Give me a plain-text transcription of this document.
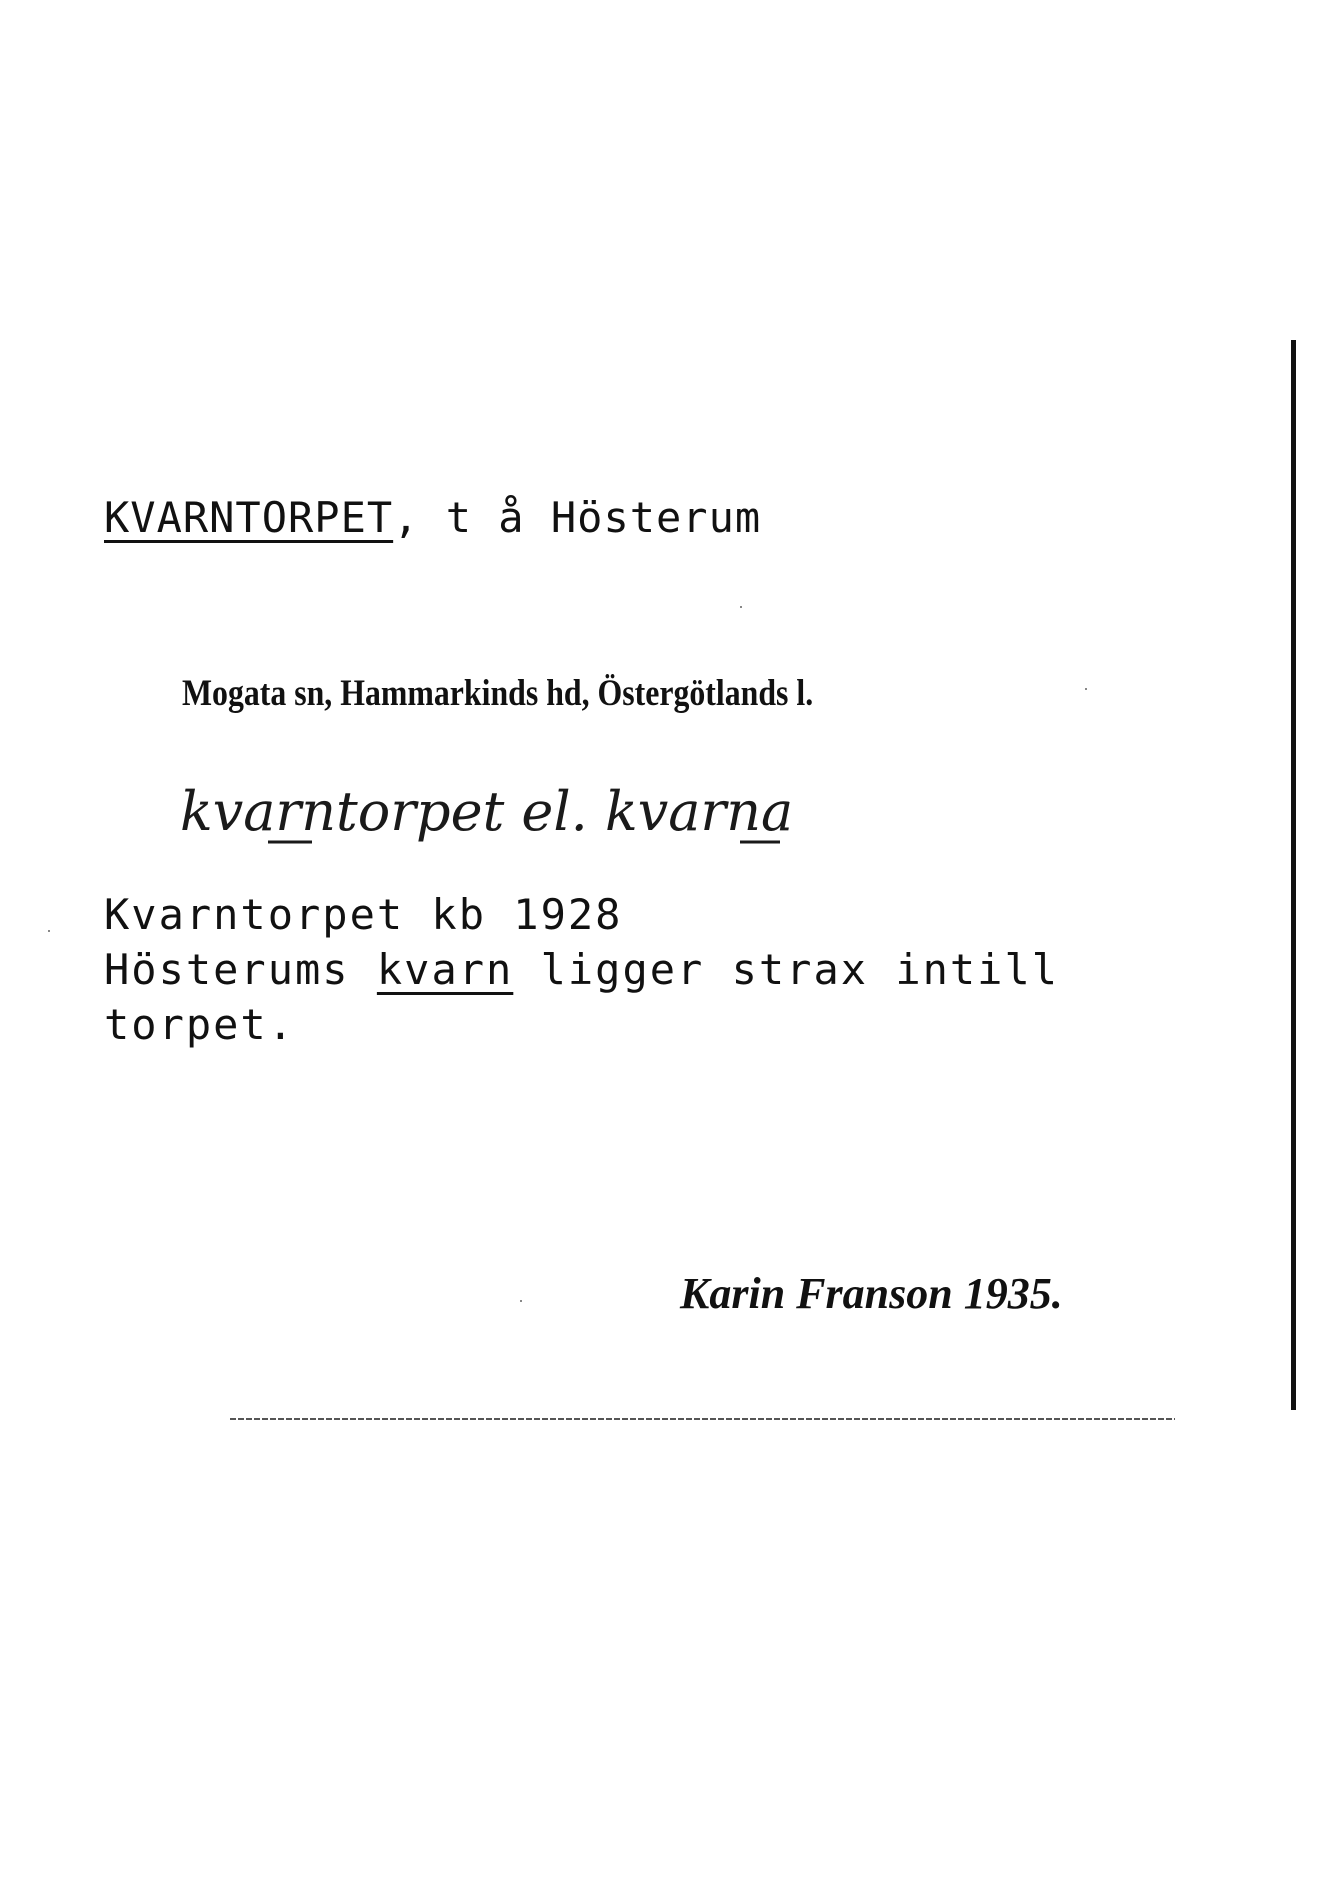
KVARNTORPET, t å Hösterum
Mogata sn, Hammarkinds hd, Östergötlands l.
kvarntorpet el. kvarna
Kvarntorpet kb 1928
Hösterums kvarn ligger strax intill
torpet.
Karin Franson 1935.
